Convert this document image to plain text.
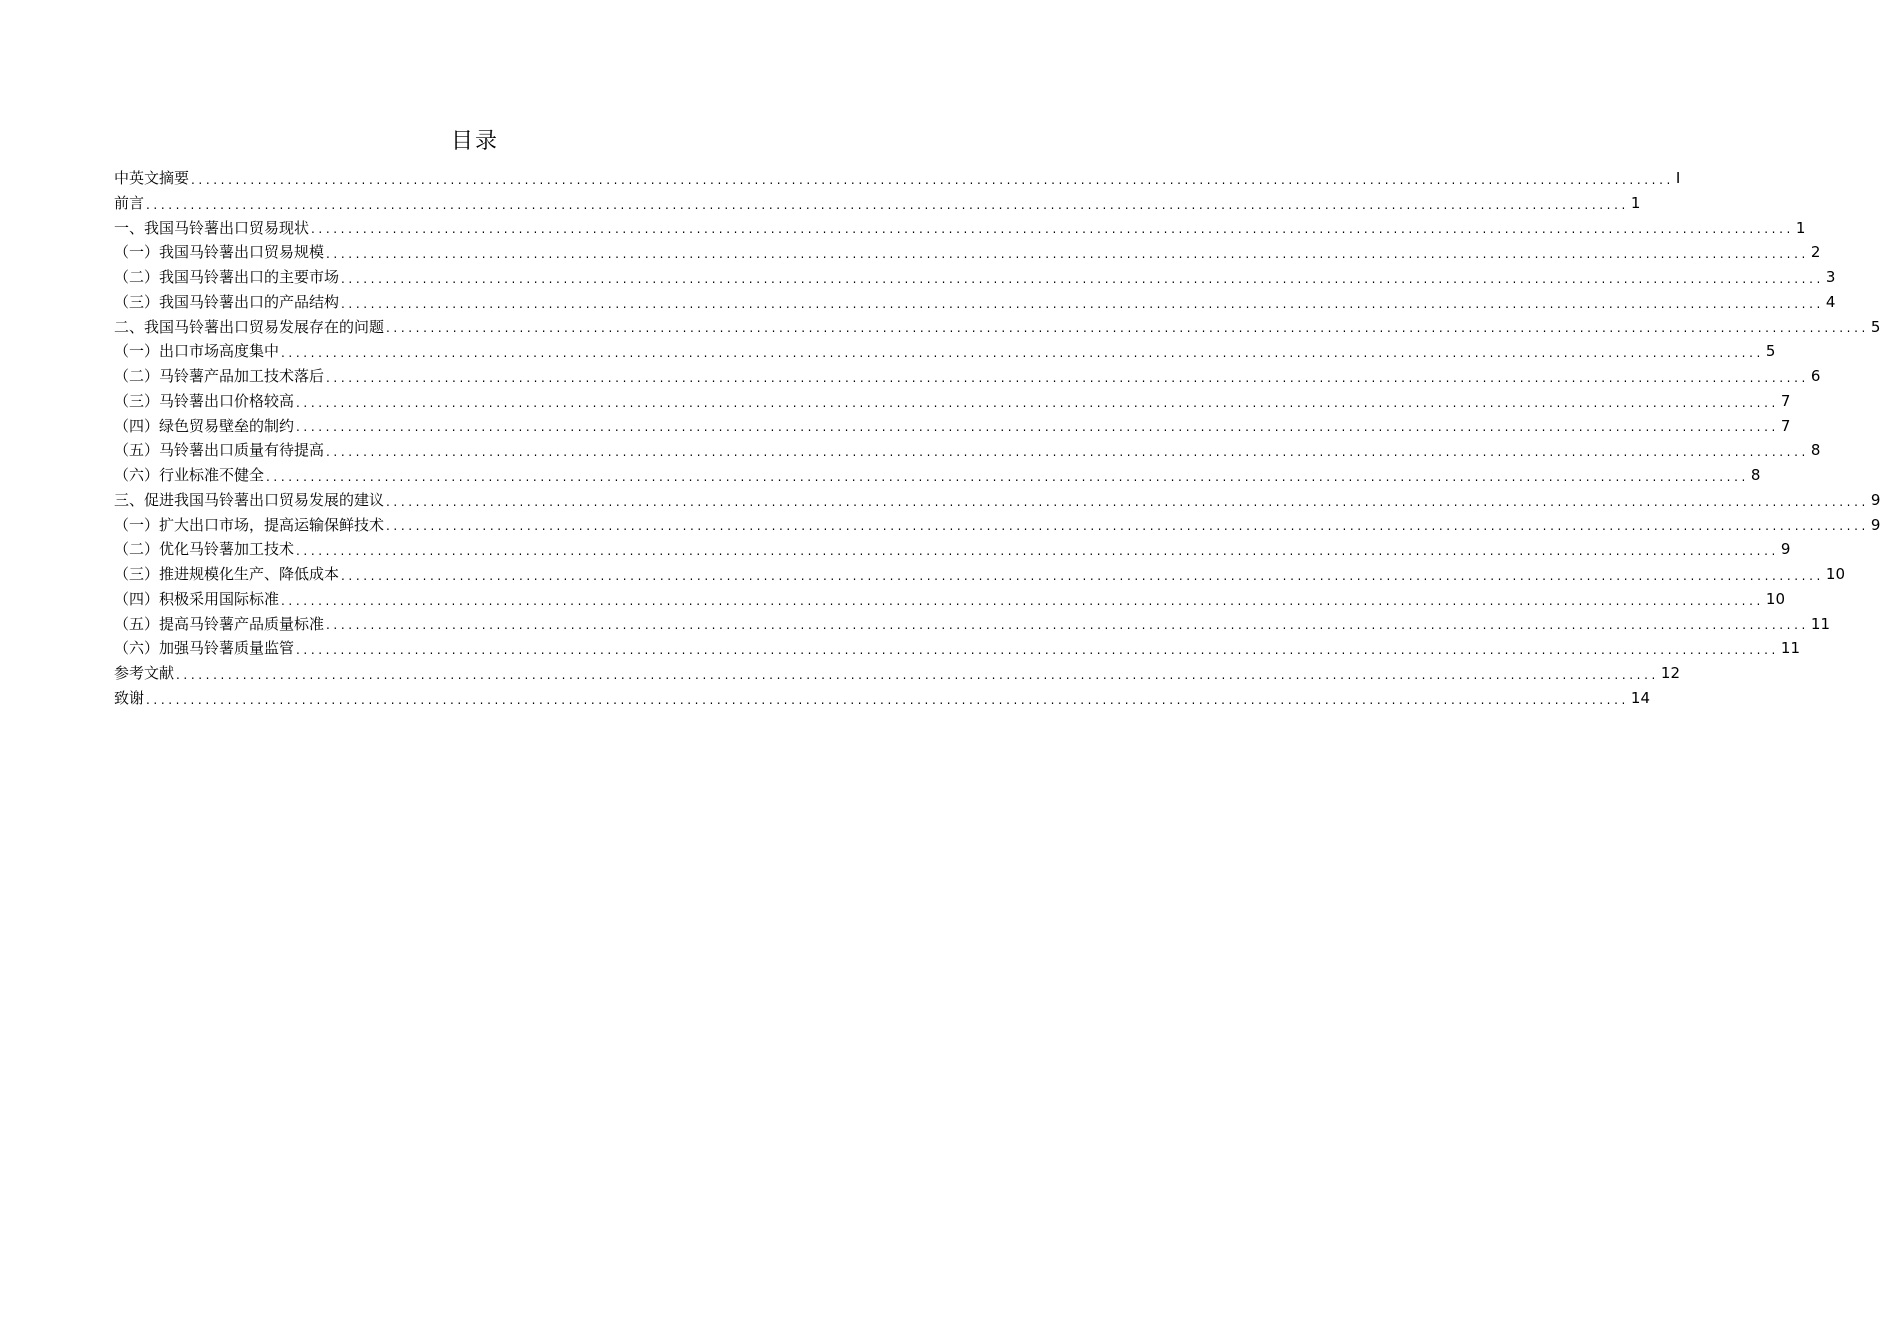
目录
中英文摘要 ........................................................................................................................................................................................................ I
前言 ........................................................................................................................................................................................................ 1
一、我国马铃薯出口贸易现状 ........................................................................................................................................................................................................ 1
（一）我国马铃薯出口贸易规模 ........................................................................................................................................................................................................ 2
（二）我国马铃薯出口的主要市场 ........................................................................................................................................................................................................ 3
（三）我国马铃薯出口的产品结构 ........................................................................................................................................................................................................ 4
二、我国马铃薯出口贸易发展存在的问题 ........................................................................................................................................................................................................ 5
（一）出口市场高度集中 ........................................................................................................................................................................................................ 5
（二）马铃薯产品加工技术落后 ........................................................................................................................................................................................................ 6
（三）马铃薯出口价格较高 ........................................................................................................................................................................................................ 7
（四）绿色贸易壁垒的制约 ........................................................................................................................................................................................................ 7
（五）马铃薯出口质量有待提高 ........................................................................................................................................................................................................ 8
（六）行业标准不健全 ........................................................................................................................................................................................................ 8
三、促进我国马铃薯出口贸易发展的建议 ........................................................................................................................................................................................................ 9
（一）扩大出口市场，提高运输保鲜技术 ........................................................................................................................................................................................................ 9
（二）优化马铃薯加工技术 ........................................................................................................................................................................................................ 9
（三）推进规模化生产、降低成本 ........................................................................................................................................................................................................ 10
（四）积极采用国际标准 ........................................................................................................................................................................................................ 10
（五）提高马铃薯产品质量标准 ........................................................................................................................................................................................................ 11
（六）加强马铃薯质量监管 ........................................................................................................................................................................................................ 11
参考文献 ........................................................................................................................................................................................................ 12
致谢 ........................................................................................................................................................................................................ 14
